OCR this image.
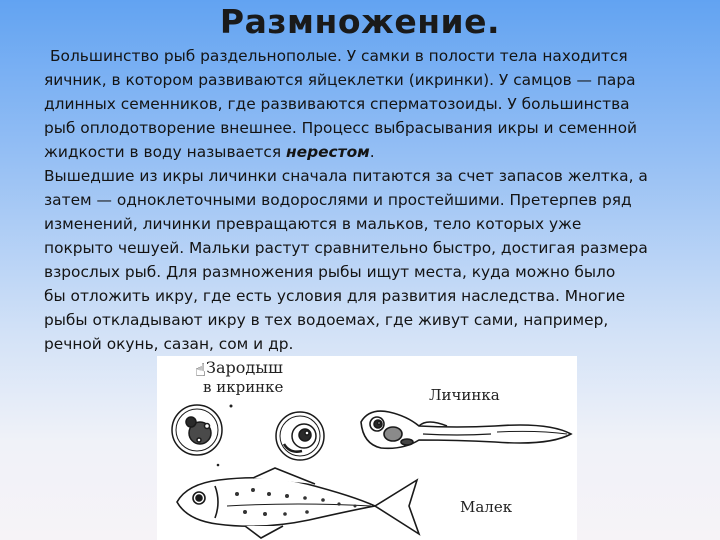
Размножение.
Большинство рыб раздельнополые. У самки в полости тела находится
яичник, в котором развиваются яйцеклетки (икринки). У самцов — пара
длинных семенников, где развиваются сперматозоиды. У большинства
рыб оплодотворение внешнее. Процесс выбрасывания икры и семенной
жидкости в воду называется нерестом.
Вышедшие из икры личинки сначала питаются за счет запасов желтка, а
затем — одноклеточными водорослями и простейшими. Претерпев ряд
изменений, личинки превращаются в мальков, тело которых уже
покрыто чешуей. Мальки растут сравнительно быстро, достигая размера
взрослых рыб. Для размножения рыбы ищут места, куда можно было
бы отложить икру, где есть условия для развития наследства. Многие
рыбы откладывают икру в тех водоемах, где живут сами, например,
речной окунь, сазан, сом и др.
☝ Зародыш
в икринке	Личинка
Малек
